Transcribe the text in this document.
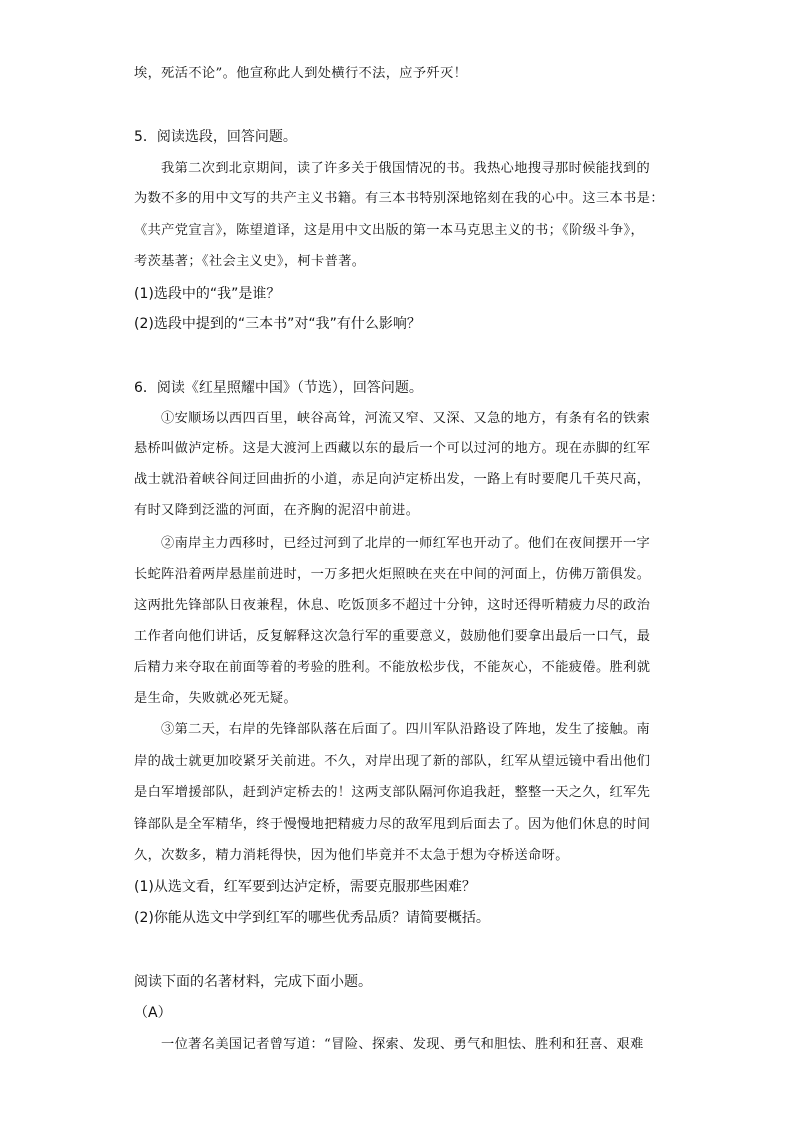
埃，死活不论”。他宣称此人到处横行不法，应予歼灭！
5．阅读选段，回答问题。
我第二次到北京期间，读了许多关于俄国情况的书。我热心地搜寻那时候能找到的
为数不多的用中文写的共产主义书籍。有三本书特别深地铭刻在我的心中。这三本书是：
《共产党宣言》，陈望道译，这是用中文出版的第一本马克思主义的书；《阶级斗争》，
考茨基著；《社会主义史》，柯卡普著。
(1)选段中的“我”是谁？
(2)选段中提到的“三本书”对“我”有什么影响？
6．阅读《红星照耀中国》（节选），回答问题。
①安顺场以西四百里，峡谷高耸，河流又窄、又深、又急的地方，有条有名的铁索
悬桥叫做泸定桥。这是大渡河上西藏以东的最后一个可以过河的地方。现在赤脚的红军
战士就沿着峡谷间迂回曲折的小道，赤足向泸定桥出发，一路上有时要爬几千英尺高，
有时又降到泛滥的河面，在齐胸的泥沼中前进。
②南岸主力西移时，已经过河到了北岸的一师红军也开动了。他们在夜间摆开一字
长蛇阵沿着两岸悬崖前进时，一万多把火炬照映在夹在中间的河面上，仿佛万箭俱发。
这两批先锋部队日夜兼程，休息、吃饭顶多不超过十分钟，这时还得听精疲力尽的政治
工作者向他们讲话，反复解释这次急行军的重要意义，鼓励他们要拿出最后一口气，最
后精力来夺取在前面等着的考验的胜利。不能放松步伐，不能灰心，不能疲倦。胜利就
是生命，失败就必死无疑。
③第二天，右岸的先锋部队落在后面了。四川军队沿路设了阵地，发生了接触。南
岸的战士就更加咬紧牙关前进。不久，对岸出现了新的部队，红军从望远镜中看出他们
是白军增援部队，赶到泸定桥去的！这两支部队隔河你追我赶，整整一天之久，红军先
锋部队是全军精华，终于慢慢地把精疲力尽的敌军甩到后面去了。因为他们休息的时间
久，次数多，精力消耗得快，因为他们毕竟并不太急于想为夺桥送命呀。
(1)从选文看，红军要到达泸定桥，需要克服那些困难？
(2)你能从选文中学到红军的哪些优秀品质？请简要概括。
阅读下面的名著材料，完成下面小题。
（A）
一位著名美国记者曾写道：“冒险、探索、发现、勇气和胆怯、胜利和狂喜、艰难
